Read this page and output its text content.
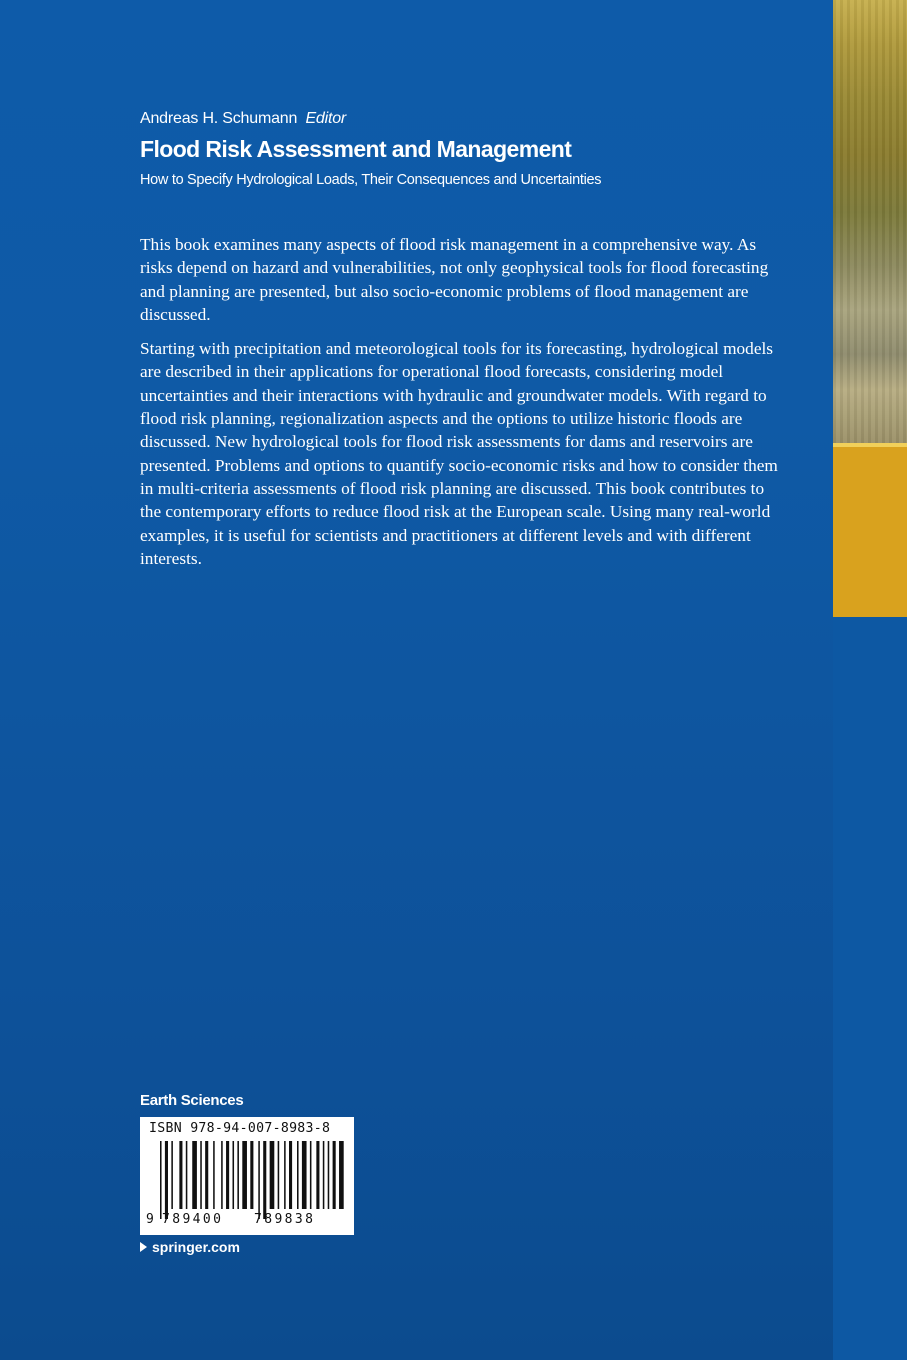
Andreas H. Schumann Editor
Flood Risk Assessment and Management
How to Specify Hydrological Loads, Their Consequences and Uncertainties

This book examines many aspects of flood risk management in a comprehensive way. As risks depend on hazard and vulnerabilities, not only geophysical tools for flood forecasting and planning are presented, but also socio-economic problems of flood management are discussed.

Starting with precipitation and meteorological tools for its forecasting, hydrological models are described in their applications for operational flood forecasts, considering model uncertainties and their interactions with hydraulic and groundwater models. With regard to flood risk planning, regionalization aspects and the options to utilize historic floods are discussed. New hydrological tools for flood risk assessments for dams and reservoirs are presented. Problems and options to quantify socio-economic risks and how to consider them in multi-criteria assessments of flood risk planning are discussed. This book contributes to the contemporary efforts to reduce flood risk at the European scale. Using many real-world examples, it is useful for scientists and practitioners at different levels and with different interests.

Earth Sciences
ISBN 978-94-007-8983-8
9 789400 789838
springer.com
